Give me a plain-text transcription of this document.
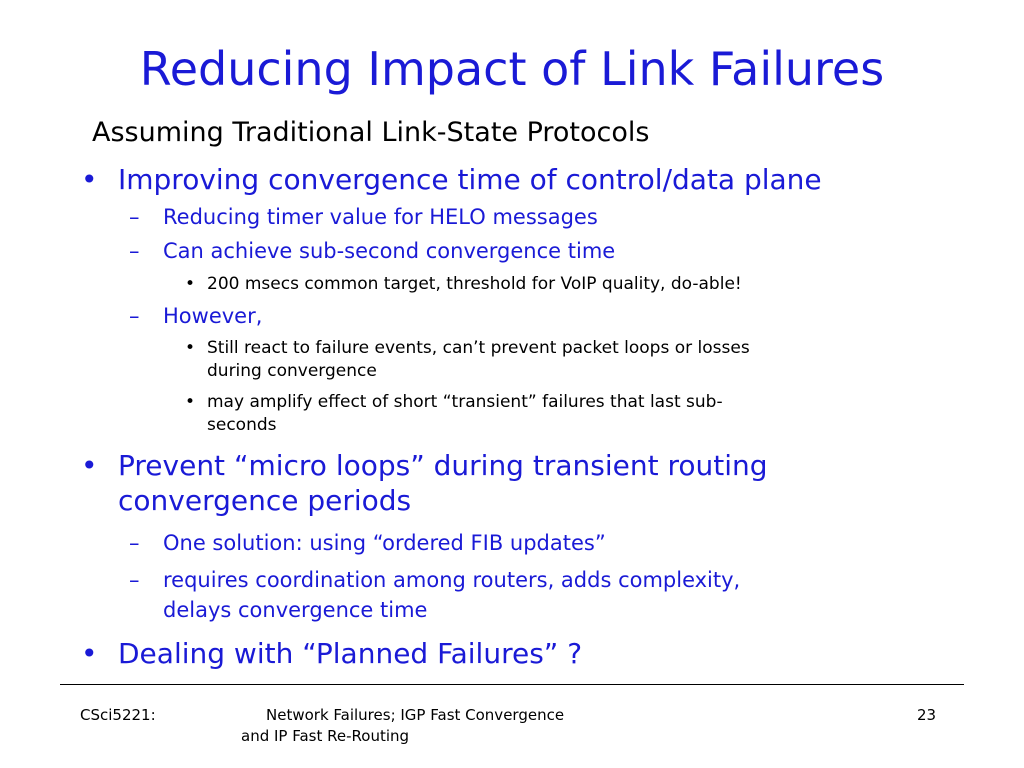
Reducing Impact of Link Failures
Assuming Traditional Link-State Protocols
• Improving convergence time of control/data plane
– Reducing timer value for HELO messages
– Can achieve sub-second convergence time
• 200 msecs common target, threshold for VoIP quality, do-able!
– However,
• Still react to failure events, can’t prevent packet loops or losses
during convergence
• may amplify effect of short “transient” failures that last sub-
seconds
• Prevent “micro loops” during transient routing
convergence periods
– One solution: using “ordered FIB updates”
– requires coordination among routers, adds complexity,
delays convergence time
• Dealing with “Planned Failures” ?
CSci5221:	Network Failures; IGP Fast Convergence
and IP Fast Re-Routing
23
